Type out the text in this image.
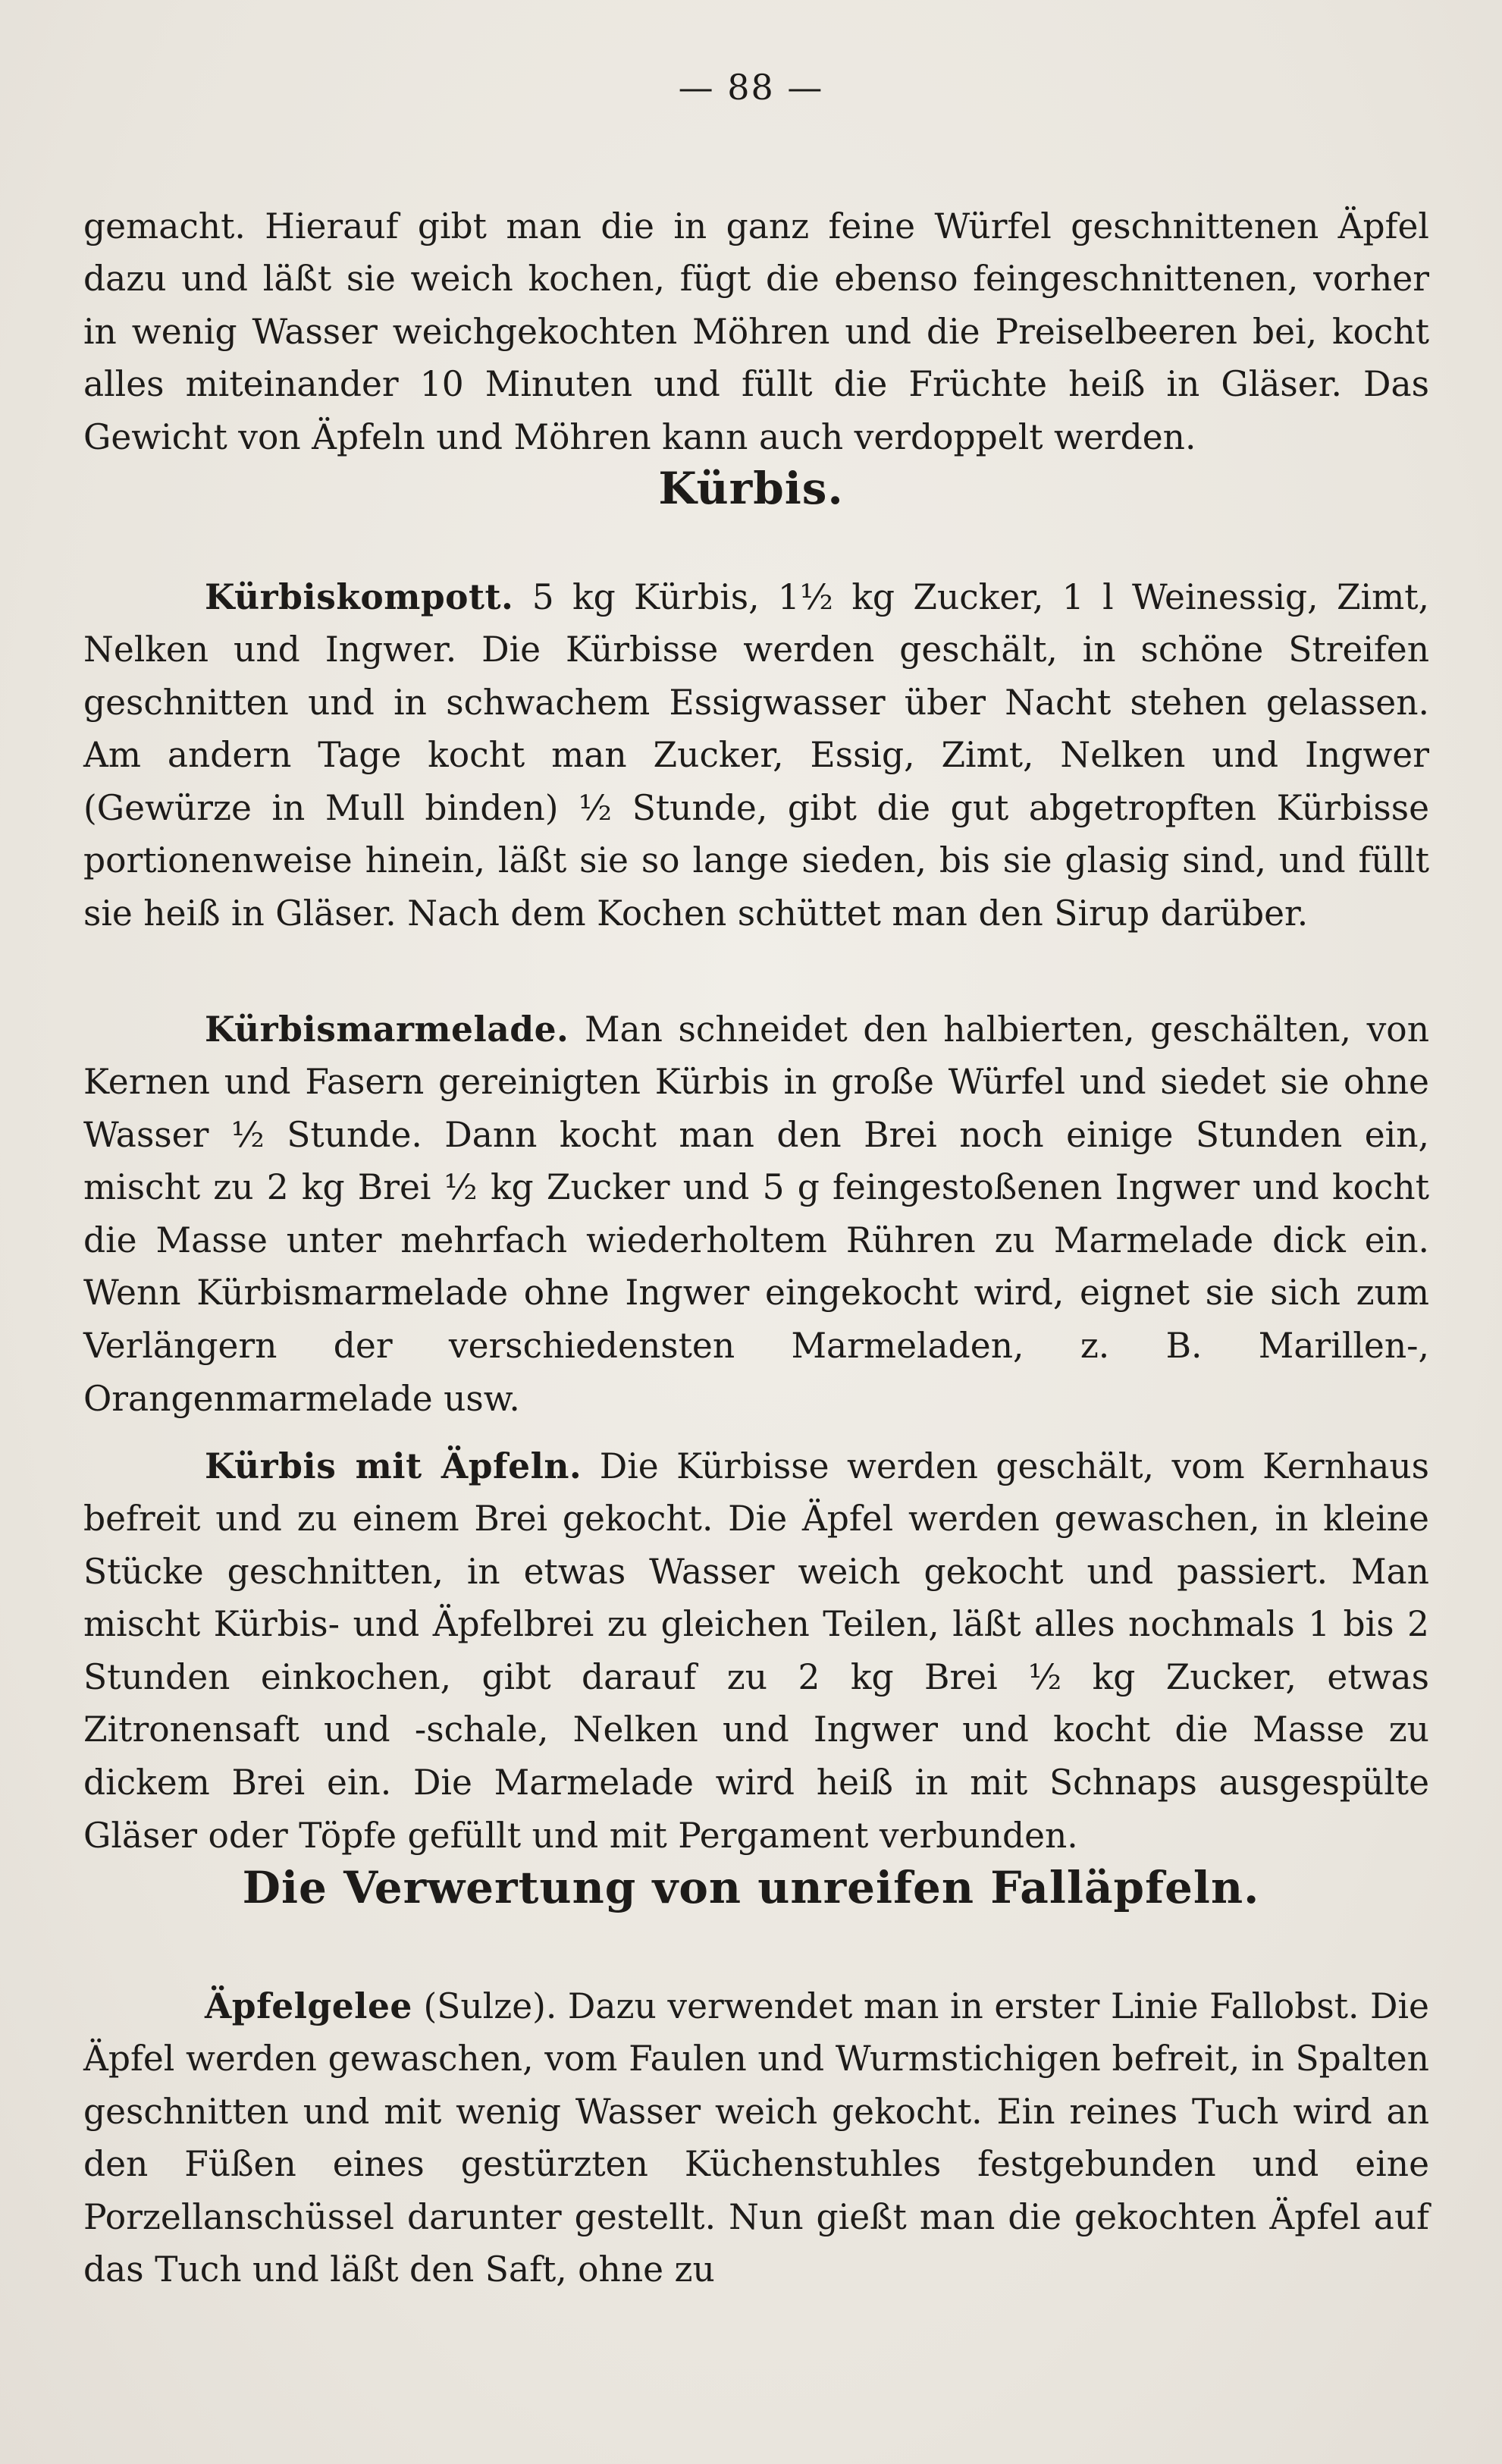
— 88 —

gemacht. Hierauf gibt man die in ganz feine Würfel geschnittenen Äpfel dazu und läßt sie weich kochen, fügt die ebenso feingeschnittenen, vorher in wenig Wasser weichgekochten Möhren und die Preiselbeeren bei, kocht alles miteinander 10 Minuten und füllt die Früchte heiß in Gläser. Das Gewicht von Äpfeln und Möhren kann auch verdoppelt werden.

Kürbis.

Kürbiskompott. 5 kg Kürbis, 1½ kg Zucker, 1 l Weinessig, Zimt, Nelken und Ingwer. Die Kürbisse werden geschält, in schöne Streifen geschnitten und in schwachem Essigwasser über Nacht stehen gelassen. Am andern Tage kocht man Zucker, Essig, Zimt, Nelken und Ingwer (Gewürze in Mull binden) ½ Stunde, gibt die gut abgetropften Kürbisse portionenweise hinein, läßt sie so lange sieden, bis sie glasig sind, und füllt sie heiß in Gläser. Nach dem Kochen schüttet man den Sirup darüber.

Kürbismarmelade. Man schneidet den halbierten, geschälten, von Kernen und Fasern gereinigten Kürbis in große Würfel und siedet sie ohne Wasser ½ Stunde. Dann kocht man den Brei noch einige Stunden ein, mischt zu 2 kg Brei ½ kg Zucker und 5 g feingestoßenen Ingwer und kocht die Masse unter mehrfach wiederholtem Rühren zu Marmelade dick ein. Wenn Kürbismarmelade ohne Ingwer eingekocht wird, eignet sie sich zum Verlängern der verschiedensten Marmeladen, z. B. Marillen-, Orangenmarmelade usw.

Kürbis mit Äpfeln. Die Kürbisse werden geschält, vom Kernhaus befreit und zu einem Brei gekocht. Die Äpfel werden gewaschen, in kleine Stücke geschnitten, in etwas Wasser weich gekocht und passiert. Man mischt Kürbis- und Äpfelbrei zu gleichen Teilen, läßt alles nochmals 1 bis 2 Stunden einkochen, gibt darauf zu 2 kg Brei ½ kg Zucker, etwas Zitronensaft und -schale, Nelken und Ingwer und kocht die Masse zu dickem Brei ein. Die Marmelade wird heiß in mit Schnaps ausgespülte Gläser oder Töpfe gefüllt und mit Pergament verbunden.

Die Verwertung von unreifen Falläpfeln.

Äpfelgelee (Sulze). Dazu verwendet man in erster Linie Fallobst. Die Äpfel werden gewaschen, vom Faulen und Wurmstichigen befreit, in Spalten geschnitten und mit wenig Wasser weich gekocht. Ein reines Tuch wird an den Füßen eines gestürzten Küchenstuhles festgebunden und eine Porzellanschüssel darunter gestellt. Nun gießt man die gekochten Äpfel auf das Tuch und läßt den Saft, ohne zu
